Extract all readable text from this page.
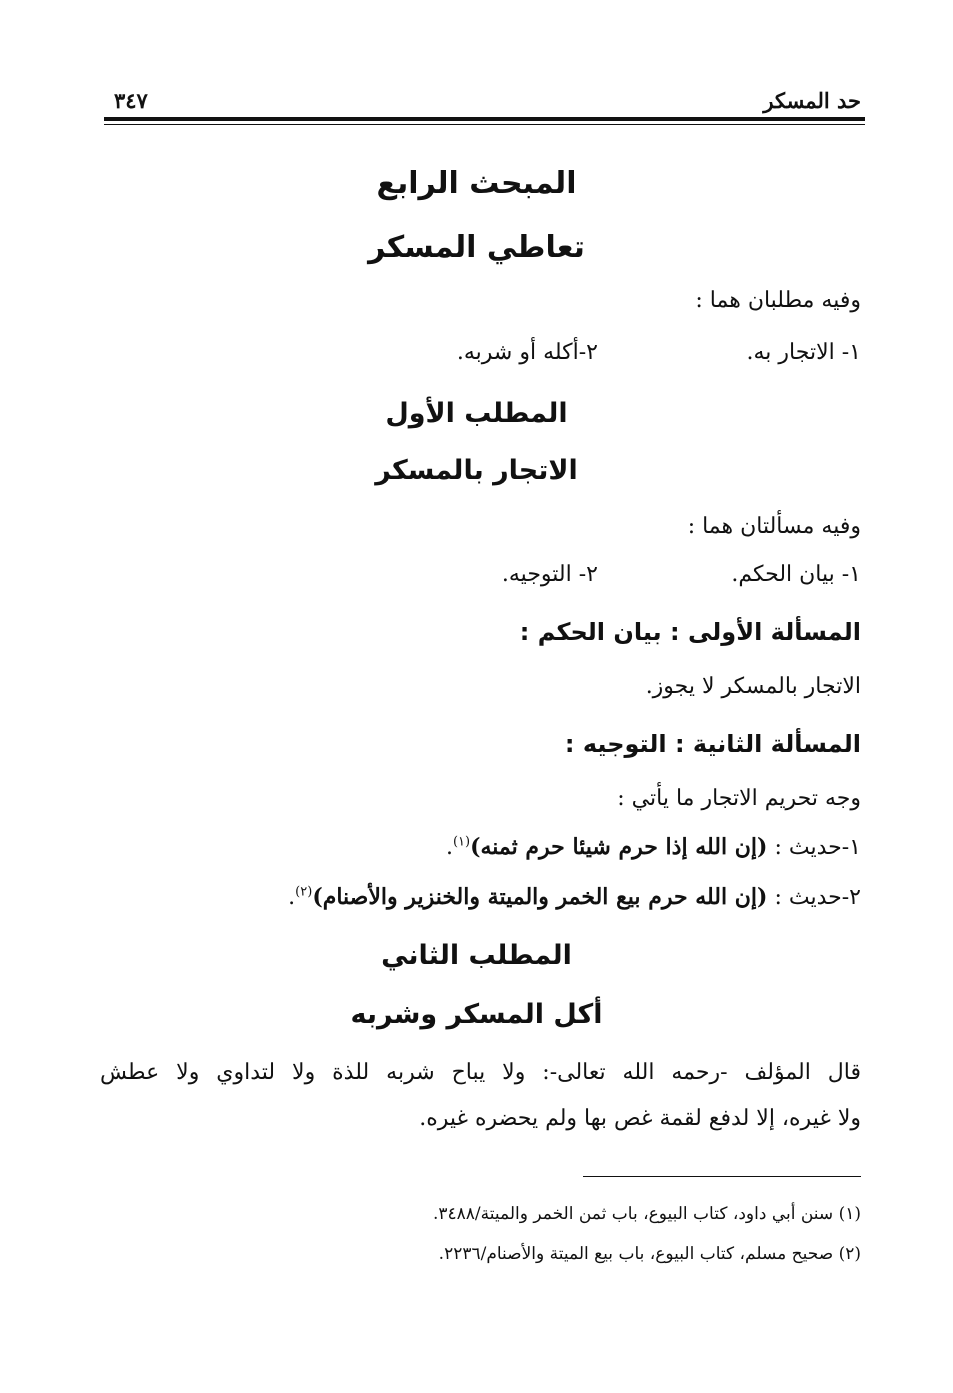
حد المسكر
٣٤٧
المبحث الرابع
تعاطي المسكر
وفيه مطلبان هما :
١- الاتجار به.
٢-أكله أو شربه.
المطلب الأول
الاتجار بالمسكر
وفيه مسألتان هما :
١- بيان الحكم.
٢- التوجيه.
المسألة الأولى : بيان الحكم :
الاتجار بالمسكر لا يجوز.
المسألة الثانية : التوجيه :
وجه تحريم الاتجار ما يأتي :
١-حديث : (إن الله إذا حرم شيئا حرم ثمنه)$^{(١)}$.
٢-حديث : (إن الله حرم بيع الخمر والميتة والخنزير والأصنام)$^{(٢)}$.
المطلب الثاني
أكل المسكر وشربه
قال المؤلف -رحمه الله تعالى-: ولا يباح شربه للذة ولا لتداوي ولا عطش
ولا غيره، إلا لدفع لقمة غص بها ولم يحضره غيره.
(١) سنن أبي داود، كتاب البيوع، باب ثمن الخمر والميتة/٣٤٨٨.
(٢) صحيح مسلم، كتاب البيوع، باب بيع الميتة والأصنام/٢٢٣٦.
